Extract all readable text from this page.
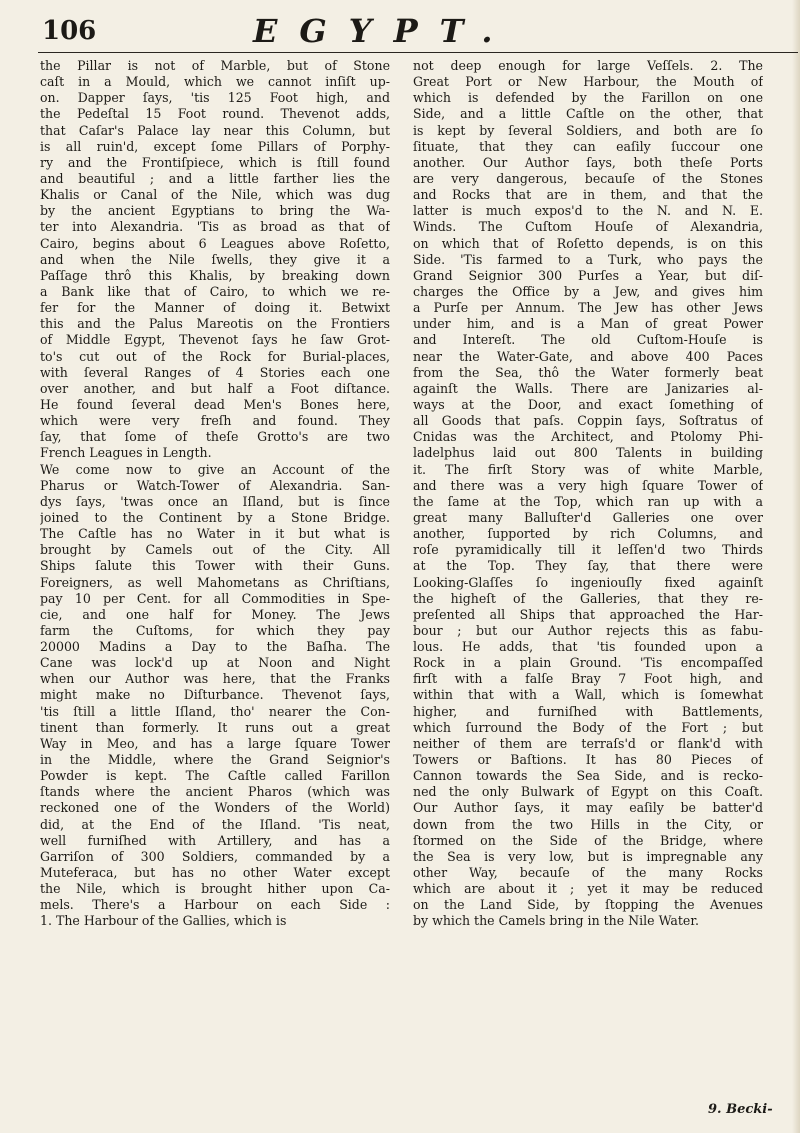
106	EGYPT.
the Pillar is not of Marble, but of Stone
caſt in a Mould, which we cannot inſiſt up-
on. Dapper ſays, 'tis 125 Foot high, and
the Pedeſtal 15 Foot round. Thevenot adds,
that Caſar's Palace lay near this Column, but
is all ruin'd, except ſome Pillars of Porphy-
ry and the Frontiſpiece, which is ſtill found
and beautiful ; and a little farther lies the
Khalis or Canal of the Nile, which was dug
by the ancient Egyptians to bring the Wa-
ter into Alexandria. 'Tis as broad as that of
Cairo, begins about 6 Leagues above Roſetto,
and when the Nile ſwells, they give it a
Paſſage thrô this Khalis, by breaking down
a Bank like that of Cairo, to which we re-
fer for the Manner of doing it. Betwixt
this and the Palus Mareotis on the Frontiers
of Middle Egypt, Thevenot ſays he ſaw Grot-
to's cut out of the Rock for Burial-places,
with ſeveral Ranges of 4 Stories each one
over another, and but half a Foot diſtance.
He found ſeveral dead Men's Bones here,
which were very freſh and found. They
ſay, that ſome of theſe Grotto's are two
French Leagues in Length.
We come now to give an Account of the
Pharus or Watch-Tower of Alexandria. San-
dys ſays, 'twas once an Iſland, but is ſince
joined to the Continent by a Stone Bridge.
The Caſtle has no Water in it but what is
brought by Camels out of the City. All
Ships ſalute this Tower with their Guns.
Foreigners, as well Mahometans as Chriſtians,
pay 10 per Cent. for all Commodities in Spe-
cie, and one half for Money. The Jews
farm the Cuſtoms, for which they pay
20000 Madins a Day to the Baſha. The
Cane was lock'd up at Noon and Night
when our Author was here, that the Franks
might make no Diſturbance. Thevenot ſays,
'tis ſtill a little Iſland, tho' nearer the Con-
tinent than formerly. It runs out a great
Way in Meo, and has a large ſquare Tower
in the Middle, where the Grand Seignior's
Powder is kept. The Caſtle called Farillon
ſtands where the ancient Pharos (which was
reckoned one of the Wonders of the World)
did, at the End of the Iſland. 'Tis neat,
well furniſhed with Artillery, and has a
Garriſon of 300 Soldiers, commanded by a
Muteferaca, but has no other Water except
the Nile, which is brought hither upon Ca-
mels. There's a Harbour on each Side :
1. The Harbour of the Gallies, which is
not deep enough for large Veſſels. 2. The
Great Port or New Harbour, the Mouth of
which is defended by the Farillon on one
Side, and a little Caſtle on the other, that
is kept by ſeveral Soldiers, and both are ſo
ſituate, that they can eaſily ſuccour one
another. Our Author ſays, both theſe Ports
are very dangerous, becauſe of the Stones
and Rocks that are in them, and that the
latter is much expos'd to the N. and N. E.
Winds. The Cuſtom Houſe of Alexandria,
on which that of Roſetto depends, is on this
Side. 'Tis farmed to a Turk, who pays the
Grand Seignior 300 Purſes a Year, but diſ-
charges the Office by a Jew, and gives him
a Purſe per Annum. The Jew has other Jews
under him, and is a Man of great Power
and Intereſt. The old Cuſtom-Houſe is
near the Water-Gate, and above 400 Paces
from the Sea, thô the Water formerly beat
againſt the Walls. There are Janizaries al-
ways at the Door, and exact ſomething of
all Goods that paſs. Coppin ſays, Soſtratus of
Cnidas was the Architect, and Ptolomy Phi-
ladelphus laid out 800 Talents in building
it. The firſt Story was of white Marble,
and there was a very high ſquare Tower of
the ſame at the Top, which ran up with a
great many Balluſter'd Galleries one over
another, ſupported by rich Columns, and
roſe pyramidically till it leſſen'd two Thirds
at the Top. They ſay, that there were
Looking-Glaſſes ſo ingeniouſly fixed againſt
the higheſt of the Galleries, that they re-
preſented all Ships that approached the Har-
bour ; but our Author rejects this as fabu-
lous. He adds, that 'tis founded upon a
Rock in a plain Ground. 'Tis encompaſſed
firſt with a falſe Bray 7 Foot high, and
within that with a Wall, which is ſomewhat
higher, and furniſhed with Battlements,
which ſurround the Body of the Fort ; but
neither of them are terraſs'd or flank'd with
Towers or Baſtions. It has 80 Pieces of
Cannon towards the Sea Side, and is recko-
ned the only Bulwark of Egypt on this Coaſt.
Our Author ſays, it may eaſily be batter'd
down from the two Hills in the City, or
ſtormed on the Side of the Bridge, where
the Sea is very low, but is impregnable any
other Way, becauſe of the many Rocks
which are about it ; yet it may be reduced
on the Land Side, by ſtopping the Avenues
by which the Camels bring in the Nile Water.
9. Becki-
